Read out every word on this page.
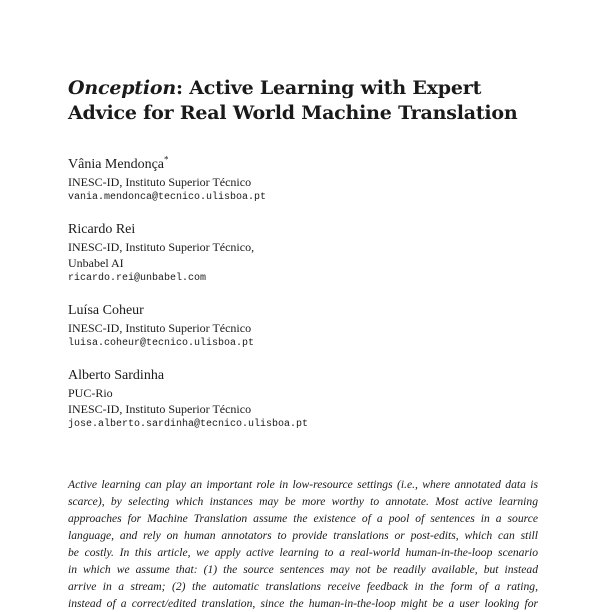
Onception: Active Learning with Expert
Advice for Real World Machine Translation
Vânia Mendonça*
INESC-ID, Instituto Superior Técnico
vania.mendonca@tecnico.ulisboa.pt
Ricardo Rei
INESC-ID, Instituto Superior Técnico,
Unbabel AI
ricardo.rei@unbabel.com
Luísa Coheur
INESC-ID, Instituto Superior Técnico
luisa.coheur@tecnico.ulisboa.pt
Alberto Sardinha
PUC-Rio
INESC-ID, Instituto Superior Técnico
jose.alberto.sardinha@tecnico.ulisboa.pt
Active learning can play an important role in low-resource settings (i.e., where annotated data is
scarce), by selecting which instances may be more worthy to annotate. Most active learning
approaches for Machine Translation assume the existence of a pool of sentences in a source
language, and rely on human annotators to provide translations or post-edits, which can still
be costly. In this article, we apply active learning to a real-world human-in-the-loop scenario
in which we assume that: (1) the source sentences may not be readily available, but instead
arrive in a stream; (2) the automatic translations receive feedback in the form of a rating,
instead of a correct/edited translation, since the human-in-the-loop might be a user looking for
